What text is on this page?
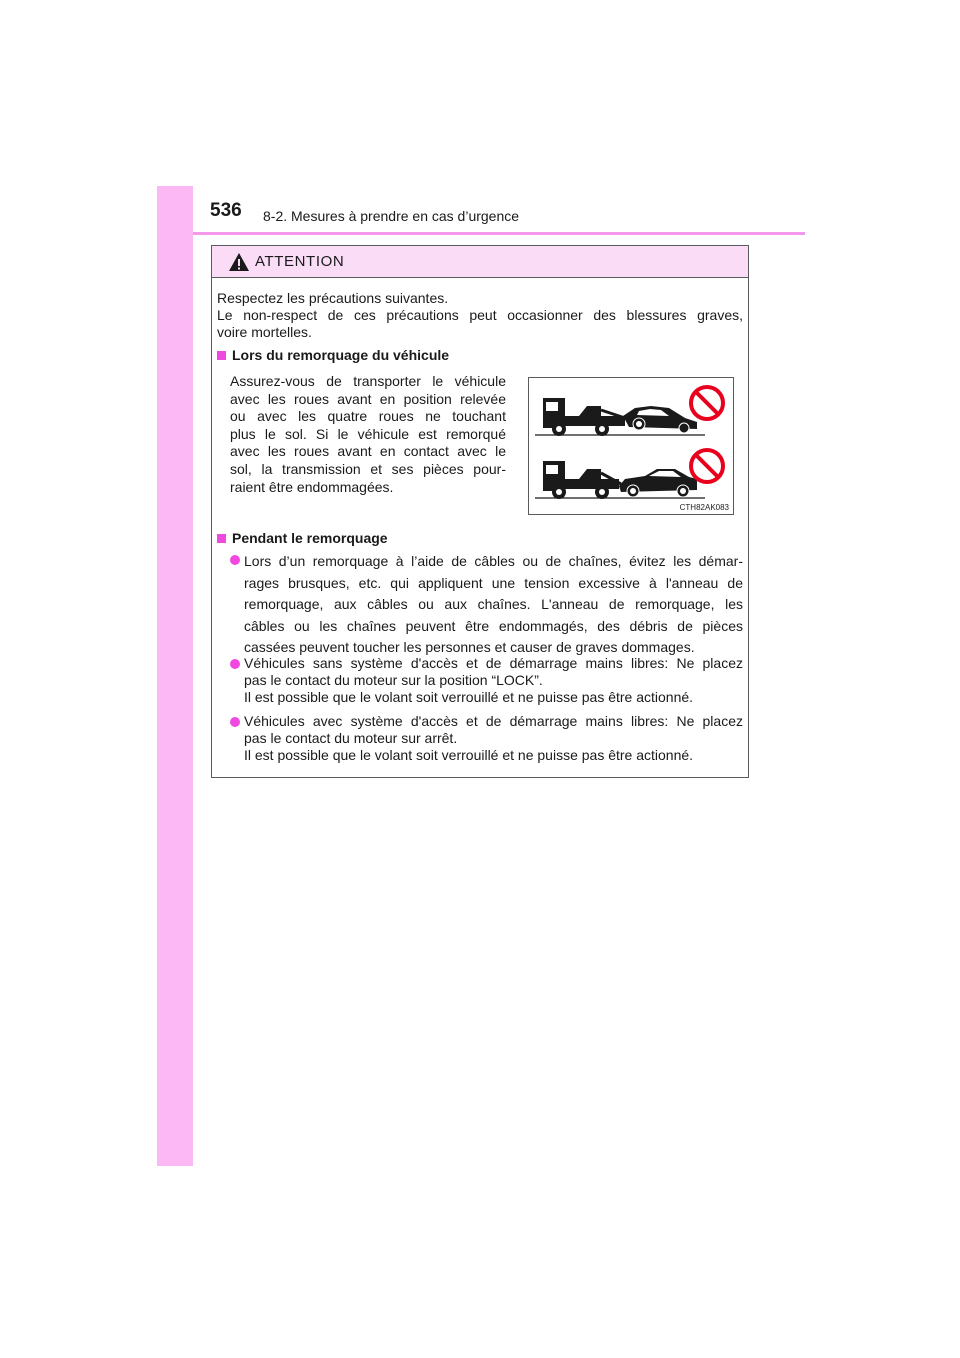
536 8-2. Mesures à prendre en cas d’urgence
ATTENTION
Respectez les précautions suivantes.
Le non-respect de ces précautions peut occasionner des blessures graves,
voire mortelles.
Lors du remorquage du véhicule
Assurez-vous de transporter le véhicule
avec les roues avant en position relevée
ou avec les quatre roues ne touchant
plus le sol. Si le véhicule est remorqué
avec les roues avant en contact avec le
sol, la transmission et ses pièces pour-
raient être endommagées.
CTH82AK083
Pendant le remorquage
Lors d’un remorquage à l’aide de câbles ou de chaînes, évitez les démar-
rages brusques, etc. qui appliquent une tension excessive à l'anneau de
remorquage, aux câbles ou aux chaînes. L'anneau de remorquage, les
câbles ou les chaînes peuvent être endommagés, des débris de pièces
cassées peuvent toucher les personnes et causer de graves dommages.
Véhicules sans système d'accès et de démarrage mains libres: Ne placez
pas le contact du moteur sur la position “LOCK”.
Il est possible que le volant soit verrouillé et ne puisse pas être actionné.
Véhicules avec système d'accès et de démarrage mains libres: Ne placez
pas le contact du moteur sur arrêt.
Il est possible que le volant soit verrouillé et ne puisse pas être actionné.
